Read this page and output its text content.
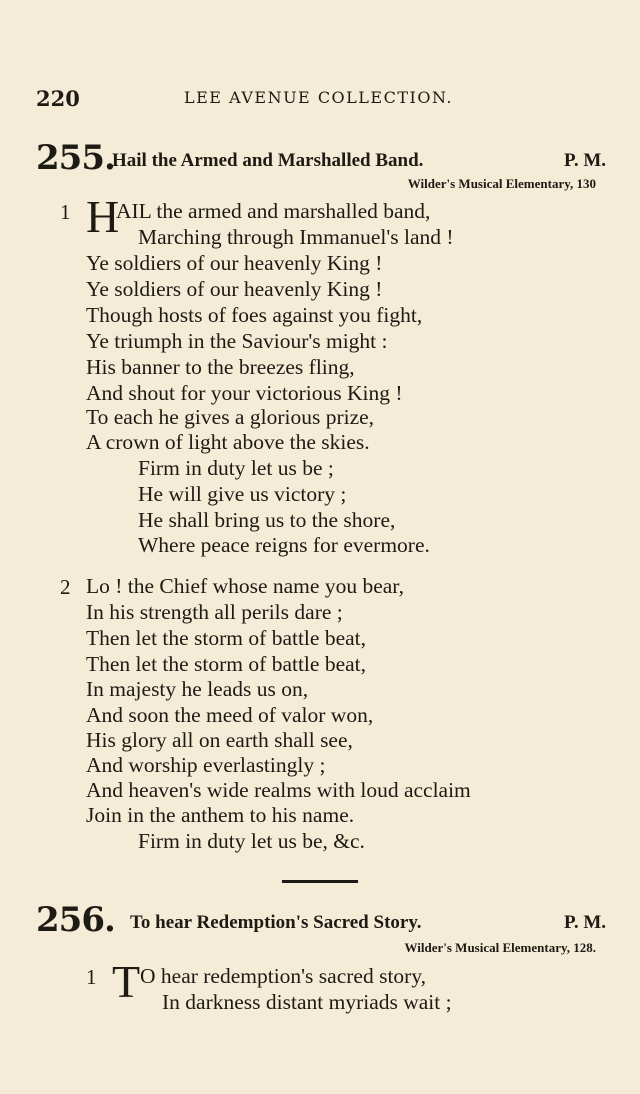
220	LEE AVENUE COLLECTION.
255.
Hail the Armed and Marshalled Band.	P. M.
Wilder's Musical Elementary, 130
1 H
AIL the armed and marshalled band,
Marching through Immanuel's land !
Ye soldiers of our heavenly King !
Ye soldiers of our heavenly King !
Though hosts of foes against you fight,
Ye triumph in the Saviour's might :
His banner to the breezes fling,
And shout for your victorious King !
To each he gives a glorious prize,
A crown of light above the skies.
Firm in duty let us be ;
He will give us victory ;
He shall bring us to the shore,
Where peace reigns for evermore.
2 Lo ! the Chief whose name you bear,
In his strength all perils dare ;
Then let the storm of battle beat,
Then let the storm of battle beat,
In majesty he leads us on,
And soon the meed of valor won,
His glory all on earth shall see,
And worship everlastingly ;
And heaven's wide realms with loud acclaim
Join in the anthem to his name.
Firm in duty let us be, &c.
256. To hear Redemption's Sacred Story.	P. M.
Wilder's Musical Elementary, 128.
1 T O hear redemption's sacred story,
In darkness distant myriads wait ;
